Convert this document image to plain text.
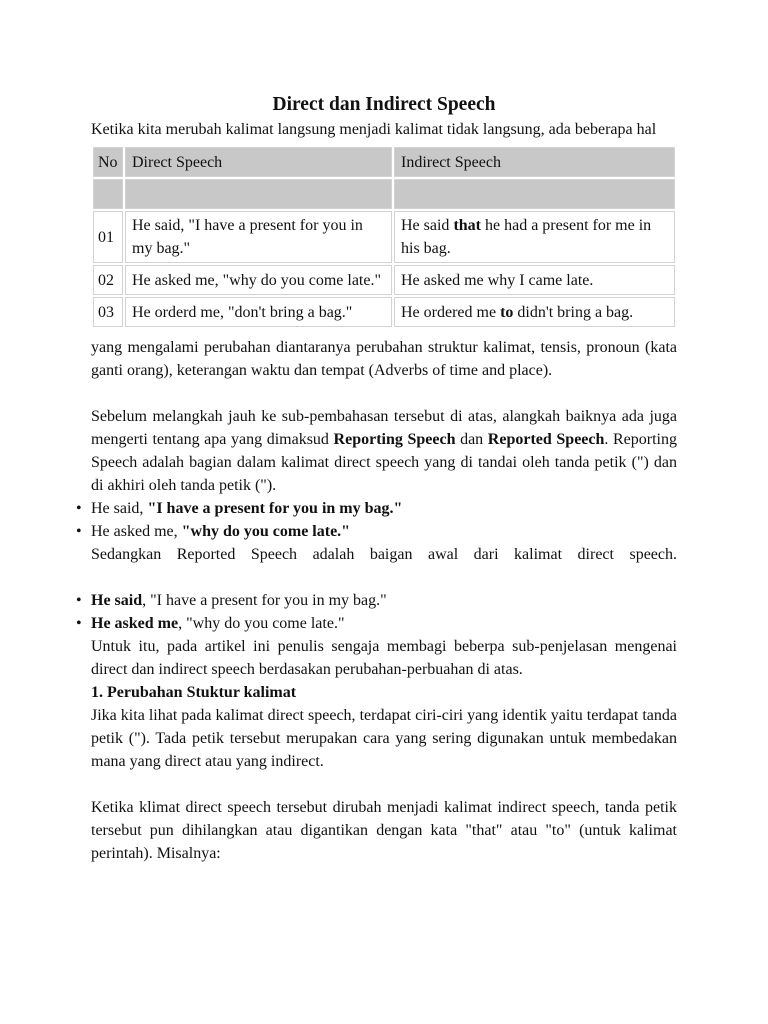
Direct dan Indirect Speech

Ketika kita merubah kalimat langsung menjadi kalimat tidak langsung, ada beberapa hal

No	Direct Speech	Indirect Speech

01	He said, "I have a present for you in my bag."	He said that he had a present for me in his bag.
02	He asked me, "why do you come late."	He asked me why I came late.
03	He orderd me, "don't bring a bag."	He ordered me to didn't bring a bag.

yang mengalami perubahan diantaranya perubahan struktur kalimat, tensis, pronoun (kata ganti orang), keterangan waktu dan tempat (Adverbs of time and place).

Sebelum melangkah jauh ke sub-pembahasan tersebut di atas, alangkah baiknya ada juga mengerti tentang apa yang dimaksud Reporting Speech dan Reported Speech. Reporting Speech adalah bagian dalam kalimat direct speech yang di tandai oleh tanda petik (") dan di akhiri oleh tanda petik (").

• He said, "I have a present for you in my bag."
• He asked me, "why do you come late."

Sedangkan Reported Speech adalah baigan awal dari kalimat direct speech.

• He said, "I have a present for you in my bag."
• He asked me, "why do you come late."

Untuk itu, pada artikel ini penulis sengaja membagi beberpa sub-penjelasan mengenai direct dan indirect speech berdasakan perubahan-perbuahan di atas.

1. Perubahan Stuktur kalimat

Jika kita lihat pada kalimat direct speech, terdapat ciri-ciri yang identik yaitu terdapat tanda petik ("). Tada petik tersebut merupakan cara yang sering digunakan untuk membedakan mana yang direct atau yang indirect.

Ketika klimat direct speech tersebut dirubah menjadi kalimat indirect speech, tanda petik tersebut pun dihilangkan atau digantikan dengan kata "that" atau "to" (untuk kalimat perintah). Misalnya:
